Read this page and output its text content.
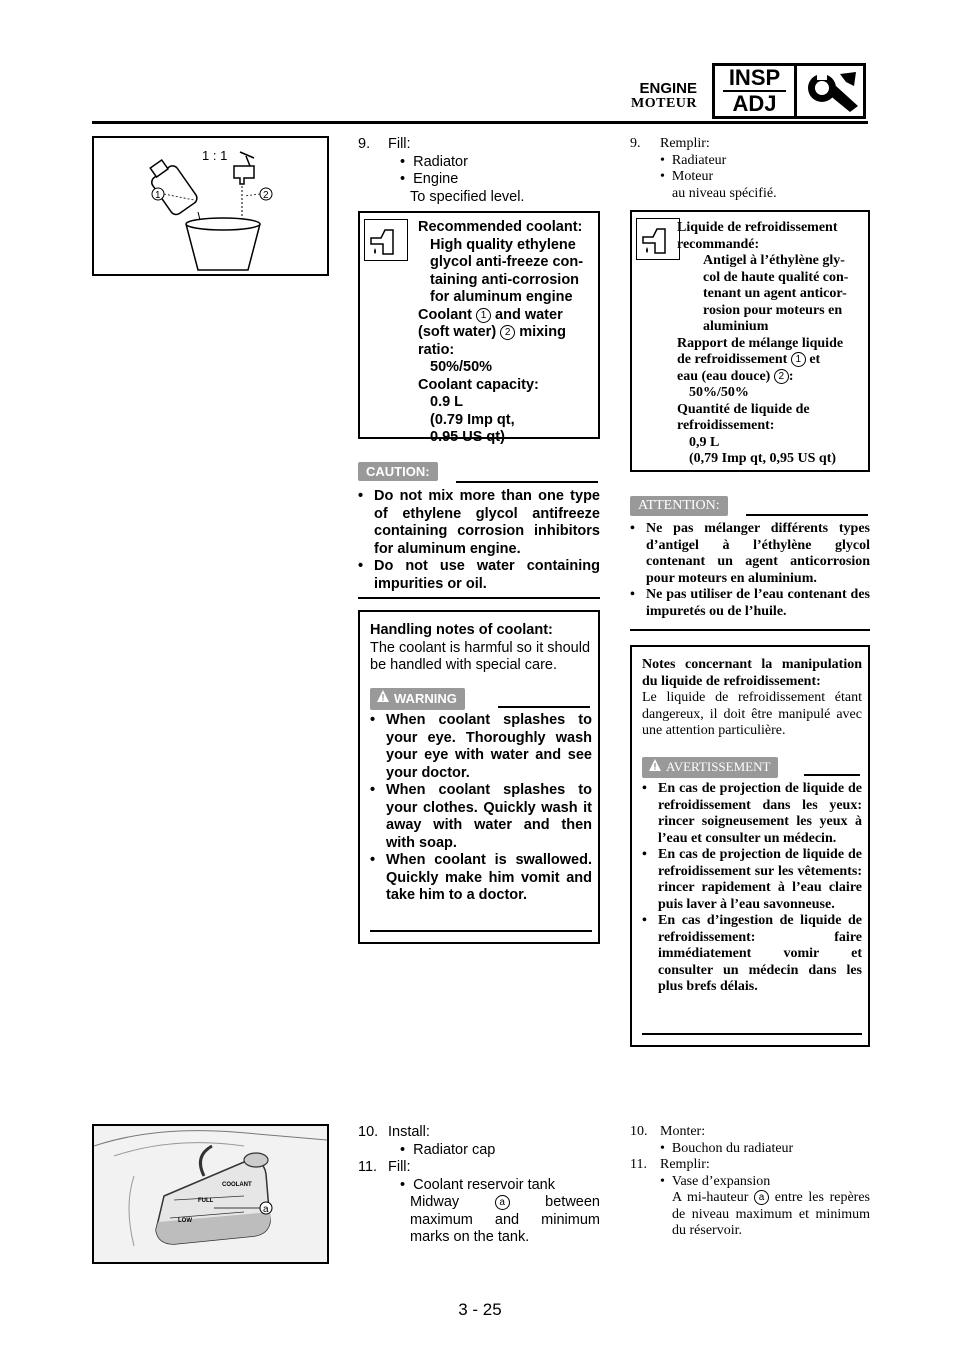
ENGINE
MOTEUR
INSP
ADJ
1 : 1
1	2
9. Fill:
•  Radiator
•  Engine
To specified level.
Recommended coolant:
High quality ethylene
glycol anti-freeze con-
taining anti-corrosion
for aluminum engine
Coolant 1 and water
(soft water) 2 mixing
ratio:
50%/50%
Coolant capacity:
0.9 L
(0.79 Imp qt,
0.95 US qt)
CAUTION:
• Do not mix more than one type of ethylene glycol antifreeze containing corrosion inhibitors for aluminum engine.
• Do not use water containing impurities or oil.
Handling notes of coolant:
The coolant is harmful so it should be handled with special care.
WARNING
• When coolant splashes to your eye. Thoroughly wash your eye with water and see your doctor.
• When coolant splashes to your clothes. Quickly wash it away with water and then with soap.
• When coolant is swallowed. Quickly make him vomit and take him to a doctor.
9. Remplir:
•  Radiateur
•  Moteur
au niveau spécifié.
Liquide de refroidissement
recommandé:
Antigel à l’éthylène gly-
col de haute qualité con-
tenant un agent anticor-
rosion pour moteurs en
aluminium
Rapport de mélange liquide
de refroidissement 1 et
eau (eau douce) 2 :
50%/50%
Quantité de liquide de
refroidissement:
0,9 L
(0,79 Imp qt, 0,95 US qt)
ATTENTION:
• Ne pas mélanger différents types d’antigel à l’éthylène glycol contenant un agent anticorrosion pour moteurs en aluminium.
• Ne pas utiliser de l’eau contenant des impuretés ou de l’huile.
Notes concernant la manipulation du liquide de refroidissement:
Le liquide de refroidissement étant dangereux, il doit être manipulé avec une attention particulière.
AVERTISSEMENT
• En cas de projection de liquide de refroidissement dans les yeux: rincer soigneusement les yeux à l’eau et consulter un médecin.
• En cas de projection de liquide de refroidissement sur les vêtements: rincer rapidement à l’eau claire puis laver à l’eau savonneuse.
• En cas d’ingestion de liquide de refroidissement: faire immédiatement vomir et consulter un médecin dans les plus brefs délais.
COOLANT
FULL
LOW
a
10. Install:
•  Radiator cap
11. Fill:
•  Coolant reservoir tank
Midway a between maximum and minimum marks on the tank.
10. Monter:
•  Bouchon du radiateur
11. Remplir:
•  Vase d’expansion
A mi-hauteur a entre les repères de niveau maximum et minimum du réservoir.
3 - 25
